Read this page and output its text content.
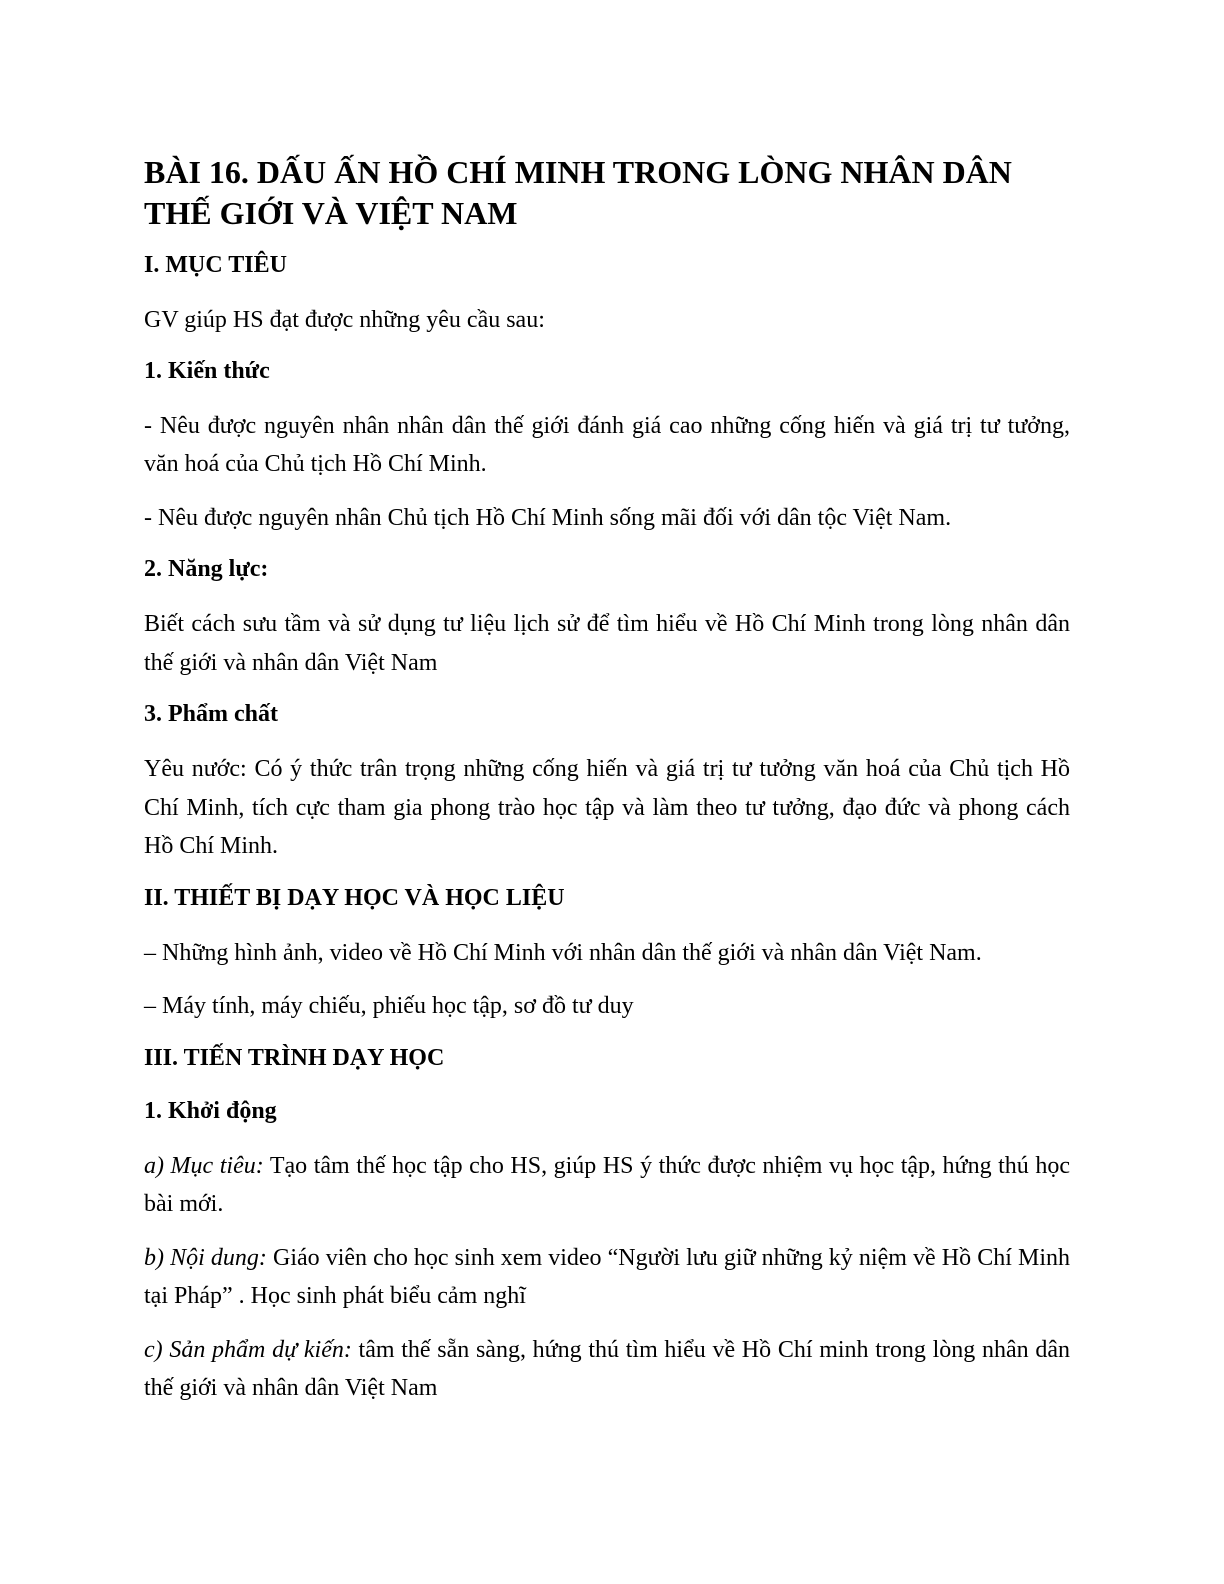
BÀI 16. DẤU ẤN HỒ CHÍ MINH TRONG LÒNG NHÂN DÂN THẾ GIỚI VÀ VIỆT NAM
I. MỤC TIÊU
GV giúp HS đạt được những yêu cầu sau:
1. Kiến thức
- Nêu được nguyên nhân nhân dân thế giới đánh giá cao những cống hiến và giá trị tư tưởng, văn hoá của Chủ tịch Hồ Chí Minh.
- Nêu được nguyên nhân Chủ tịch Hồ Chí Minh sống mãi đối với dân tộc Việt Nam.
2. Năng lực:
Biết cách sưu tầm và sử dụng tư liệu lịch sử để tìm hiểu về Hồ Chí Minh trong lòng nhân dân thế giới và nhân dân Việt Nam
3. Phẩm chất
Yêu nước: Có ý thức trân trọng những cống hiến và giá trị tư tưởng văn hoá của Chủ tịch Hồ Chí Minh, tích cực tham gia phong trào học tập và làm theo tư tưởng, đạo đức và phong cách Hồ Chí Minh.
II. THIẾT BỊ DẠY HỌC VÀ HỌC LIỆU
– Những hình ảnh, video về Hồ Chí Minh với nhân dân thế giới và nhân dân Việt Nam.
– Máy tính, máy chiếu, phiếu học tập, sơ đồ tư duy
III. TIẾN TRÌNH DẠY HỌC
1. Khởi động
a) Mục tiêu: Tạo tâm thế học tập cho HS, giúp HS ý thức được nhiệm vụ học tập, hứng thú học bài mới.
b) Nội dung: Giáo viên cho học sinh xem video “Người lưu giữ những kỷ niệm về Hồ Chí Minh tại Pháp” . Học sinh phát biểu cảm nghĩ
c) Sản phẩm dự kiến: tâm thế sẵn sàng, hứng thú tìm hiểu về Hồ Chí minh trong lòng nhân dân thế giới và nhân dân Việt Nam
